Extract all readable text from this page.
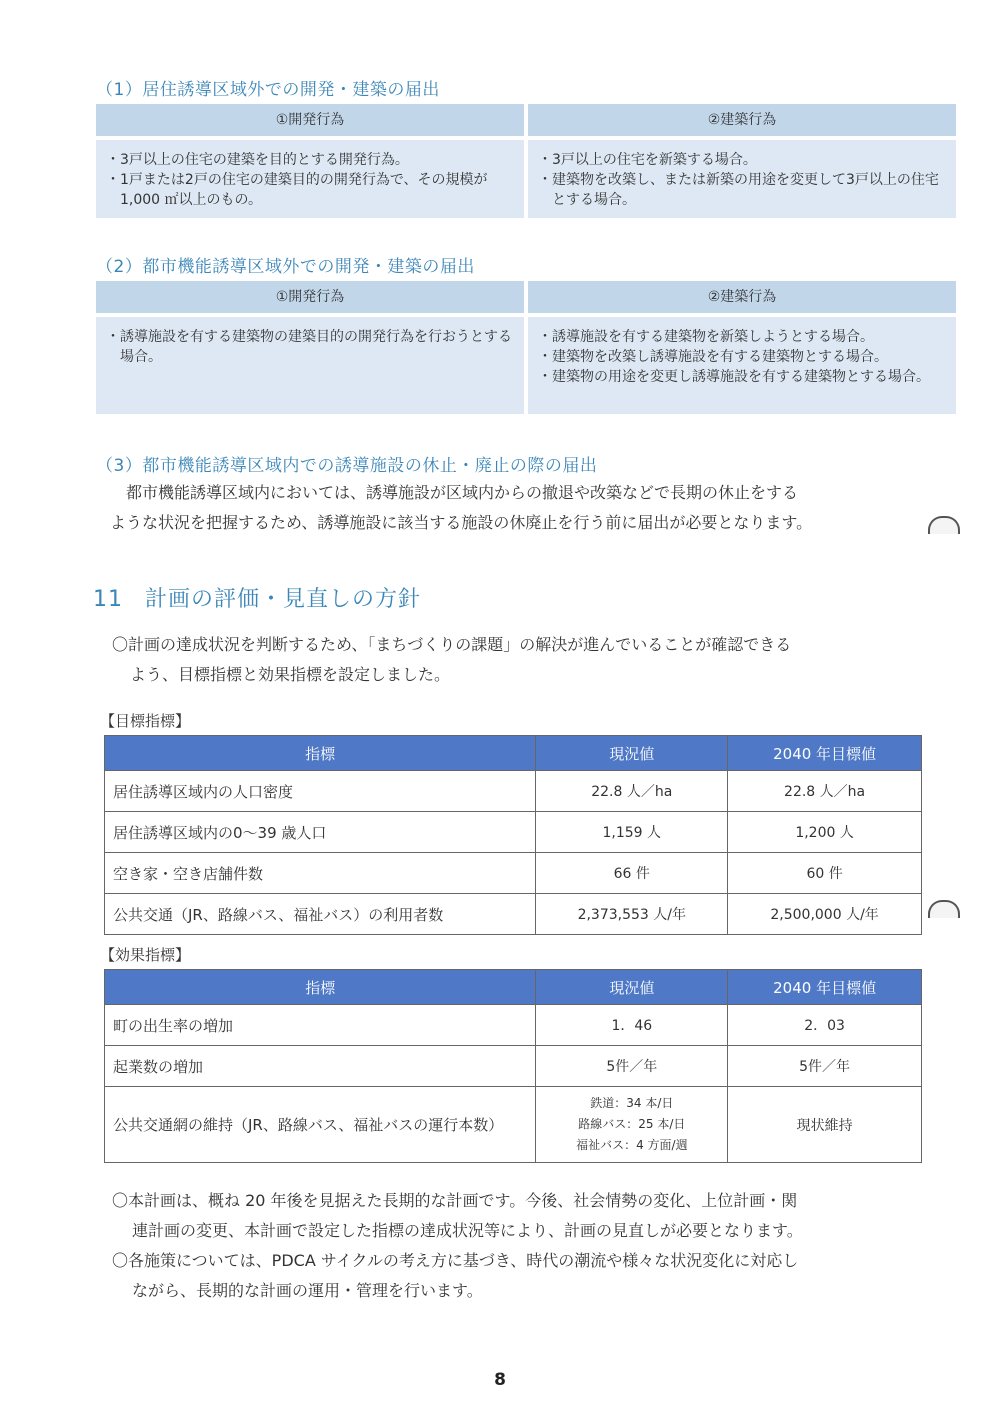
（1）居住誘導区域外での開発・建築の届出
①開発行為
・ 3戸以上の住宅の建築を目的とする開発行為。
・ 1戸または2戸の住宅の建築目的の開発行為で、その規模が 1,000 ㎡以上のもの。
②建築行為
・ 3戸以上の住宅を新築する場合。
・ 建築物を改築し、または新築の用途を変更して3戸以上の住宅とする場合。
（2）都市機能誘導区域外での開発・建築の届出
①開発行為
・ 誘導施設を有する建築物の建築目的の開発行為を行おうとする場合。
②建築行為
・ 誘導施設を有する建築物を新築しようとする場合。
・ 建築物を改築し誘導施設を有する建築物とする場合。
・ 建築物の用途を変更し誘導施設を有する建築物とする場合。
（3）都市機能誘導区域内での誘導施設の休止・廃止の際の届出
都市機能誘導区域内においては、誘導施設が区域内からの撤退や改築などで長期の休止をする
ような状況を把握するため、誘導施設に該当する施設の休廃止を行う前に届出が必要となります。
11 計画の評価・見直しの方針
〇計画の達成状況を判断するため、「まちづくりの課題」の解決が進んでいることが確認できる
よう、目標指標と効果指標を設定しました。
【目標指標】
指標	現況値	2040 年目標値
居住誘導区域内の人口密度	22.8 人／ha	22.8 人／ha
居住誘導区域内の0～39 歳人口	1,159 人	1,200 人
空き家・空き店舗件数	66 件	60 件
公共交通（JR、路線バス、福祉バス）の利用者数	2,373,553 人/年	2,500,000 人/年
【効果指標】
指標	現況値	2040 年目標値
町の出生率の増加	1．46	2．03
起業数の増加	5件／年	5件／年
公共交通網の維持（JR、路線バス、福祉バスの運行本数）	鉄道：34 本/日
路線バス：25 本/日
福祉バス：4 方面/週	現状維持
〇本計画は、概ね 20 年後を見据えた長期的な計画です。今後、社会情勢の変化、上位計画・関
連計画の変更、本計画で設定した指標の達成状況等により、計画の見直しが必要となります。
〇各施策については、PDCA サイクルの考え方に基づき、時代の潮流や様々な状況変化に対応し
ながら、長期的な計画の運用・管理を行います。
8
